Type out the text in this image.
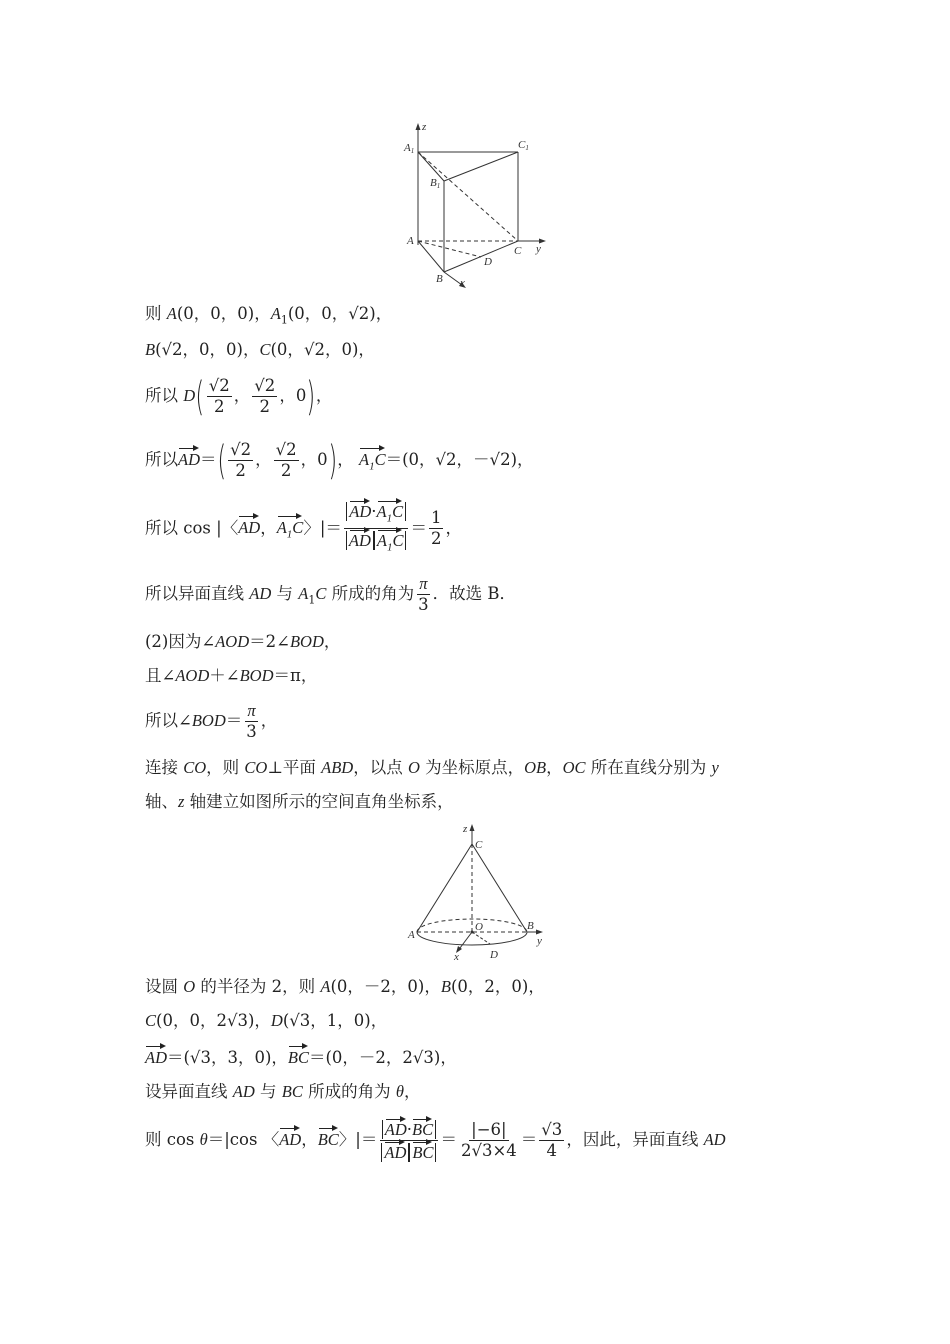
z
A1	C1
B1
A
C y
D
B x
则 A(0，0，0)，$A_1(0$，0，√2)，
B(√2，0，0)，C(0，√2，0)，
所以 $D( \frac{√2}{2}$ ， $\frac{√2}{2}$ ，0)，
所以$AD=( \frac{√2}{2}$ ， $\frac{√2}{2}$ ，0)， $A_1C=(0$，√2，－√2)，
所以 cos |〈AD，$A_1C$〉|＝ $\frac{AD\cdot A_1C}{AD A_1C} = \frac{1}{2}$ ，
所以异面直线 AD 与 $A_1C$ 所成的角为 $\frac{\pi}{3}$ ．故选 B．
(2)因为∠AOD＝2∠BOD，
且∠AOD＋∠BOD＝π，
所以∠BOD＝ $\frac{\pi}{3}$ ，
连接 CO，则 CO⊥平面 ABD，以点 O 为坐标原点，OB，OC 所在直线分别为 y
轴、z 轴建立如图所示的空间直角坐标系，
z
C
O	B
y
A
x	D
设圆 O 的半径为 2，则 A(0，－2，0)，B(0，2，0)，
C(0，0，2√3)，D(√3，1，0)，
AD＝(√3，3，0)，BC＝(0，－2，2√3)，
设异面直线 AD 与 BC 所成的角为 θ，
则 cos θ＝|cos 〈AD，BC〉|＝ $\frac{AD\cdot BC}{\text{AD BC}} = \frac{|-6|}{2√3\times 4} = \frac{√3}{4}$ ，因此，异面直线 AD
